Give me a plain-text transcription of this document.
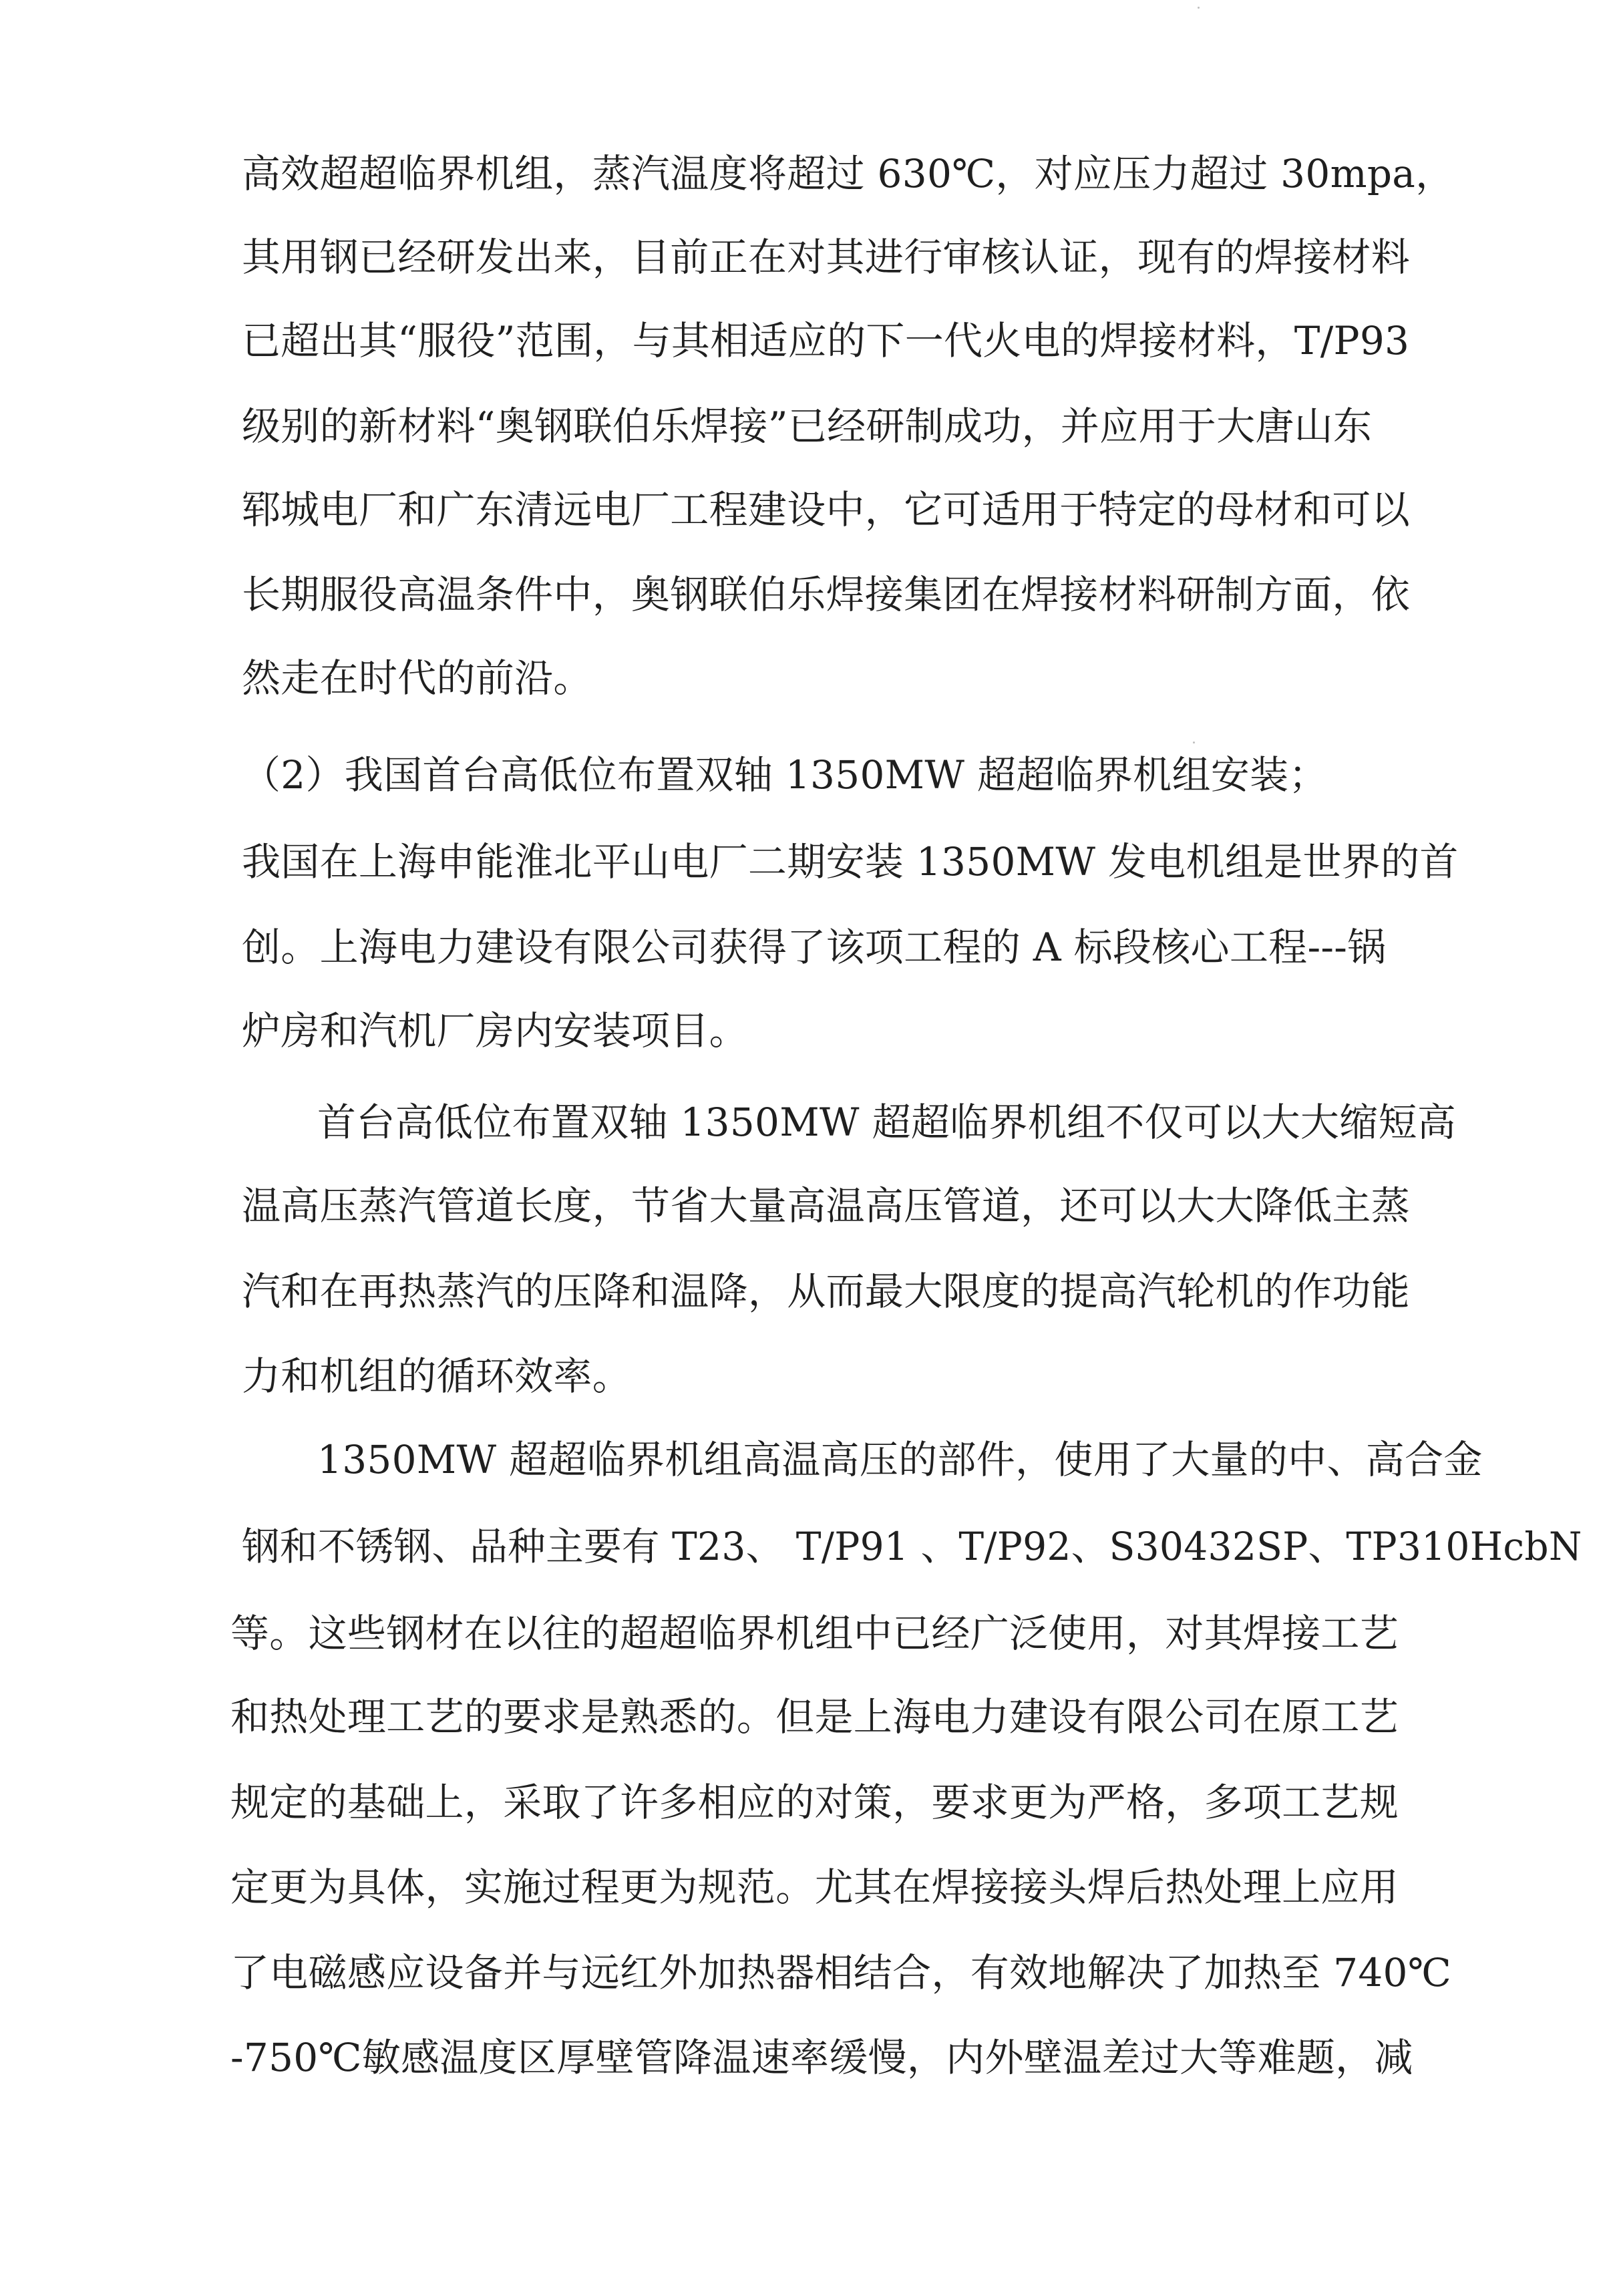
高效超超临界机组，蒸汽温度将超过 630℃，对应压力超过 30mpa，
其用钢已经研发出来，目前正在对其进行审核认证，现有的焊接材料
已超出其“服役”范围，与其相适应的下一代火电的焊接材料，T/P93
级别的新材料“奥钢联伯乐焊接”已经研制成功，并应用于大唐山东
郓城电厂和广东清远电厂工程建设中，它可适用于特定的母材和可以
长期服役高温条件中，奥钢联伯乐焊接集团在焊接材料研制方面，依
然走在时代的前沿。
（2）我国首台高低位布置双轴 1350MW 超超临界机组安装；
我国在上海申能淮北平山电厂二期安装 1350MW 发电机组是世界的首
创。上海电力建设有限公司获得了该项工程的 A 标段核心工程---锅
炉房和汽机厂房内安装项目。
首台高低位布置双轴 1350MW 超超临界机组不仅可以大大缩短高
温高压蒸汽管道长度，节省大量高温高压管道，还可以大大降低主蒸
汽和在再热蒸汽的压降和温降，从而最大限度的提高汽轮机的作功能
力和机组的循环效率。
1350MW 超超临界机组高温高压的部件，使用了大量的中、高合金
钢和不锈钢、品种主要有 T23、 T/P91 、T/P92、S30432SP、TP310HcbN
等。这些钢材在以往的超超临界机组中已经广泛使用，对其焊接工艺
和热处理工艺的要求是熟悉的。但是上海电力建设有限公司在原工艺
规定的基础上，采取了许多相应的对策，要求更为严格，多项工艺规
定更为具体，实施过程更为规范。尤其在焊接接头焊后热处理上应用
了电磁感应设备并与远红外加热器相结合，有效地解决了加热至 740℃
-750℃敏感温度区厚壁管降温速率缓慢，内外壁温差过大等难题，减
